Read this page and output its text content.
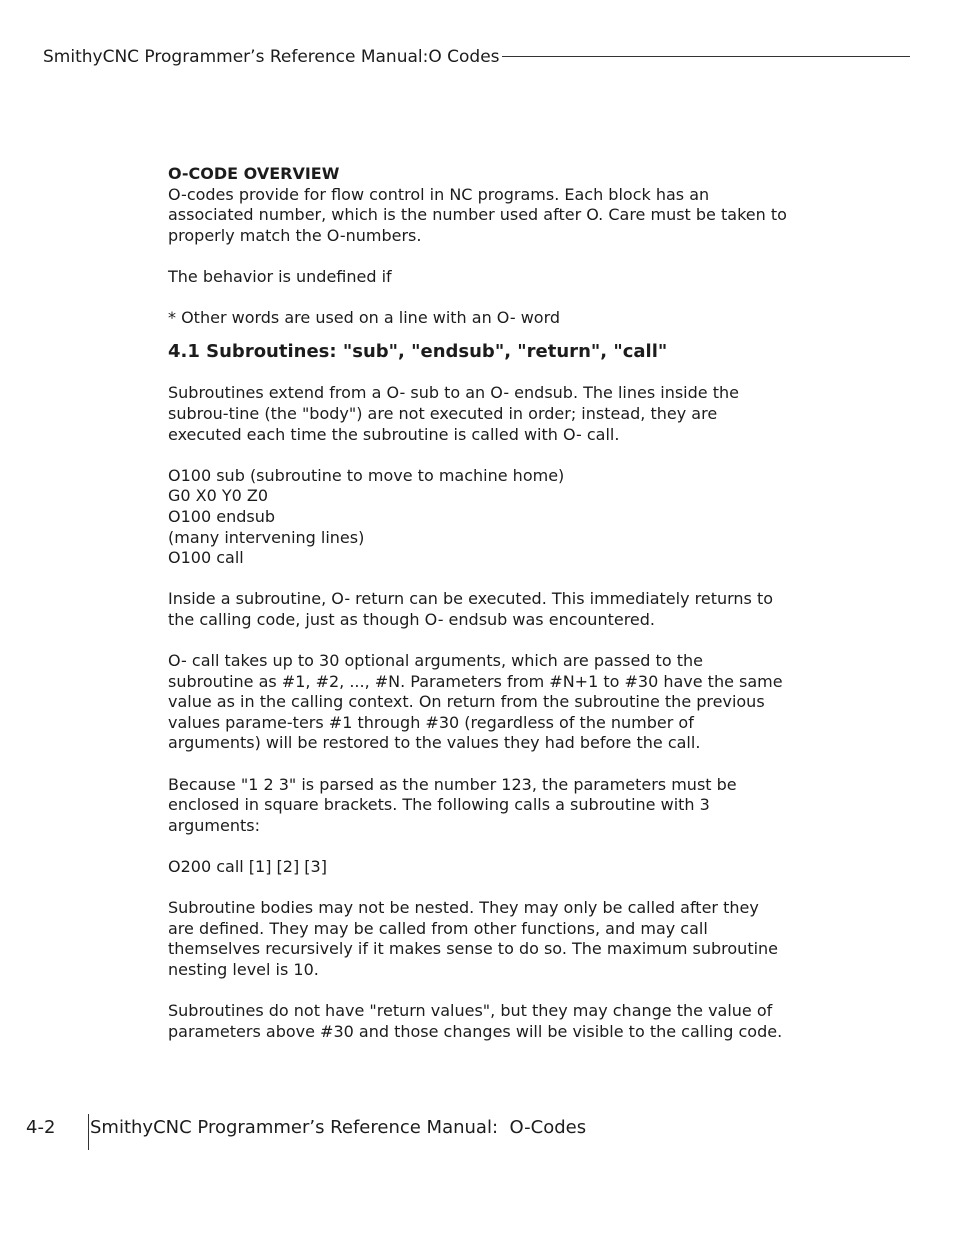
SmithyCNC Programmer’s Reference Manual:O Codes

O-CODE OVERVIEW

O-codes provide for flow control in NC programs. Each block has an associated number, which is the number used after O. Care must be taken to properly match the O-numbers.

The behavior is undefined if

* Other words are used on a line with an O- word

4.1 Subroutines: "sub", "endsub", "return", "call"

Subroutines extend from a O- sub to an O- endsub. The lines inside the subrou-tine (the "body") are not executed in order; instead, they are executed each time the subroutine is called with O- call.

O100 sub (subroutine to move to machine home)

G0 X0 Y0 Z0

O100 endsub

(many intervening lines)

O100 call

Inside a subroutine, O- return can be executed. This immediately returns to the calling code, just as though O- endsub was encountered.

O- call takes up to 30 optional arguments, which are passed to the subroutine as #1, #2, ..., #N. Parameters from #N+1 to #30 have the same value as in the calling context. On return from the subroutine the previous values parame-ters #1 through #30 (regardless of the number of arguments) will be restored to the values they had before the call.

Because "1 2 3" is parsed as the number 123, the parameters must be enclosed in square brackets. The following calls a subroutine with 3 arguments:

O200 call [1] [2] [3]

Subroutine bodies may not be nested. They may only be called after they are defined. They may be called from other functions, and may call themselves recursively if it makes sense to do so. The maximum subroutine nesting level is 10.

Subroutines do not have "return values", but they may change the value of parameters above #30 and those changes will be visible to the calling code.

4-2 SmithyCNC Programmer’s Reference Manual:  O-Codes
